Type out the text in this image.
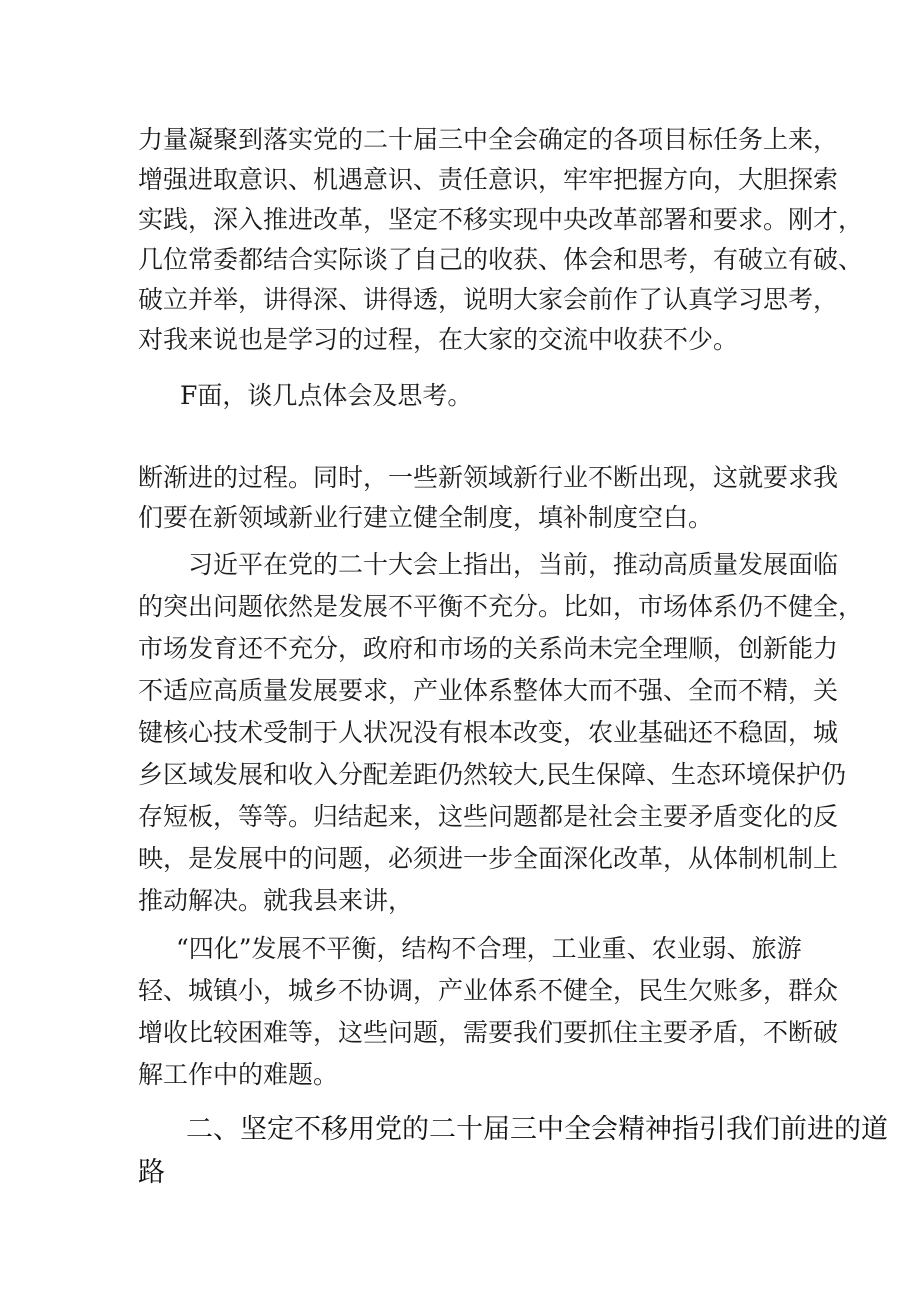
力量凝聚到落实党的二十届三中全会确定的各项目标任务上来，
增强进取意识、机遇意识、责任意识，牢牢把握方向，大胆探索
实践，深入推进改革，坚定不移实现中央改革部署和要求。刚才，
几位常委都结合实际谈了自己的收获、体会和思考，有破立有破、
破立并举，讲得深、讲得透，说明大家会前作了认真学习思考，
对我来说也是学习的过程，在大家的交流中收获不少。
F面，谈几点体会及思考。
断渐进的过程。同时，一些新领域新行业不断出现，这就要求我
们要在新领域新业行建立健全制度，填补制度空白。
习近平在党的二十大会上指出，当前，推动高质量发展面临
的突出问题依然是发展不平衡不充分。比如，市场体系仍不健全，
市场发育还不充分，政府和市场的关系尚未完全理顺，创新能力
不适应高质量发展要求，产业体系整体大而不强、全而不精，关
键核心技术受制于人状况没有根本改变，农业基础还不稳固，城
乡区域发展和收入分配差距仍然较大,民生保障、生态环境保护仍
存短板，等等。归结起来，这些问题都是社会主要矛盾变化的反
映，是发展中的问题，必须进一步全面深化改革，从体制机制上
推动解决。就我县来讲，
“四化”发展不平衡，结构不合理，工业重、农业弱、旅游
轻、城镇小，城乡不协调，产业体系不健全，民生欠账多，群众
增收比较困难等，这些问题，需要我们要抓住主要矛盾，不断破
解工作中的难题。
二、坚定不移用党的二十届三中全会精神指引我们前进的道
路
